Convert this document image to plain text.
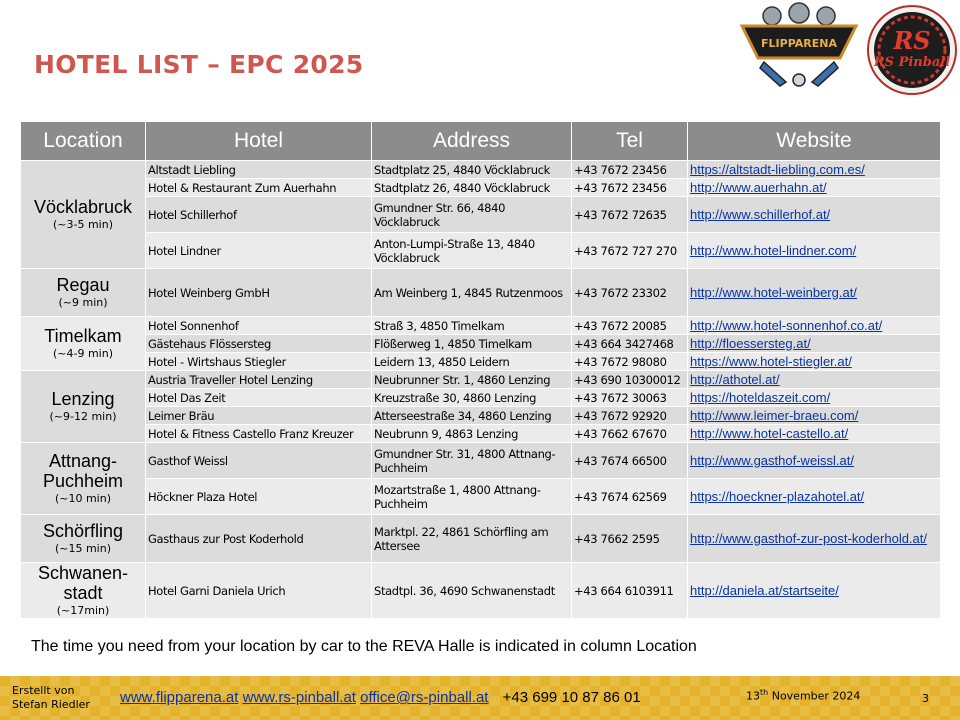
HOTEL LIST – EPC 2025
FLIPPARENA RS
RS Pinball
Location	Hotel	Address	Tel	Website

Vöcklabruck
(~3-5 min)	Altstadt Liebling	Stadtplatz 25, 4840 Vöcklabruck	+43 7672 23456	https://altstadt-liebling.com.es/
	Hotel & Restaurant Zum Auerhahn	Stadtplatz 26, 4840 Vöcklabruck	+43 7672 23456	http://www.auerhahn.at/
	Hotel Schillerhof	Gmundner Str. 66, 4840 Vöcklabruck	+43 7672 72635	http://www.schillerhof.at/
	Hotel Lindner	Anton-Lumpi-Straße 13, 4840 Vöcklabruck	+43 7672 727 270	http://www.hotel-lindner.com/

Regau
(~9 min)	Hotel Weinberg GmbH	Am Weinberg 1, 4845 Rutzenmoos	+43 7672 23302	http://www.hotel-weinberg.at/

Timelkam
(~4-9 min)	Hotel Sonnenhof	Straß 3, 4850 Timelkam	+43 7672 20085	http://www.hotel-sonnenhof.co.at/
	Gästehaus Flössersteg	Flößerweg 1, 4850 Timelkam	+43 664 3427468	http://floessersteg.at/
	Hotel - Wirtshaus Stiegler	Leidern 13, 4850 Leidern	+43 7672 98080	https://www.hotel-stiegler.at/

Lenzing
(~9-12 min)	Austria Traveller Hotel Lenzing	Neubrunner Str. 1, 4860 Lenzing	+43 690 10300012	http://athotel.at/
	Hotel Das Zeit	Kreuzstraße 30, 4860 Lenzing	+43 7672 30063	https://hoteldaszeit.com/
	Leimer Bräu	Atterseestraße 34, 4860 Lenzing	+43 7672 92920	http://www.leimer-braeu.com/
	Hotel & Fitness Castello Franz Kreuzer	Neubrunn 9, 4863 Lenzing	+43 7662 67670	http://www.hotel-castello.at/

Attnang-Puchheim
(~10 min)	Gasthof Weissl	Gmundner Str. 31, 4800 Attnang-Puchheim	+43 7674 66500	http://www.gasthof-weissl.at/
	Höckner Plaza Hotel	Mozartstraße 1, 4800 Attnang-Puchheim	+43 7674 62569	https://hoeckner-plazahotel.at/

Schörfling
(~15 min)	Gasthaus zur Post Koderhold	Marktpl. 22, 4861 Schörfling am Attersee	+43 7662 2595	http://www.gasthof-zur-post-koderhold.at/

Schwanen-stadt
(~17min)	Hotel Garni Daniela Urich	Stadtpl. 36, 4690 Schwanenstadt	+43 664 6103911	http://daniela.at/startseite/
The time you need from your location by car to the REVA Halle is indicated in column Location
Erstellt von
Stefan Riedler www.flipparena.at www.rs-pinball.at office@rs-pinball.at +43 699 10 87 86 01	13th November 2024	3
